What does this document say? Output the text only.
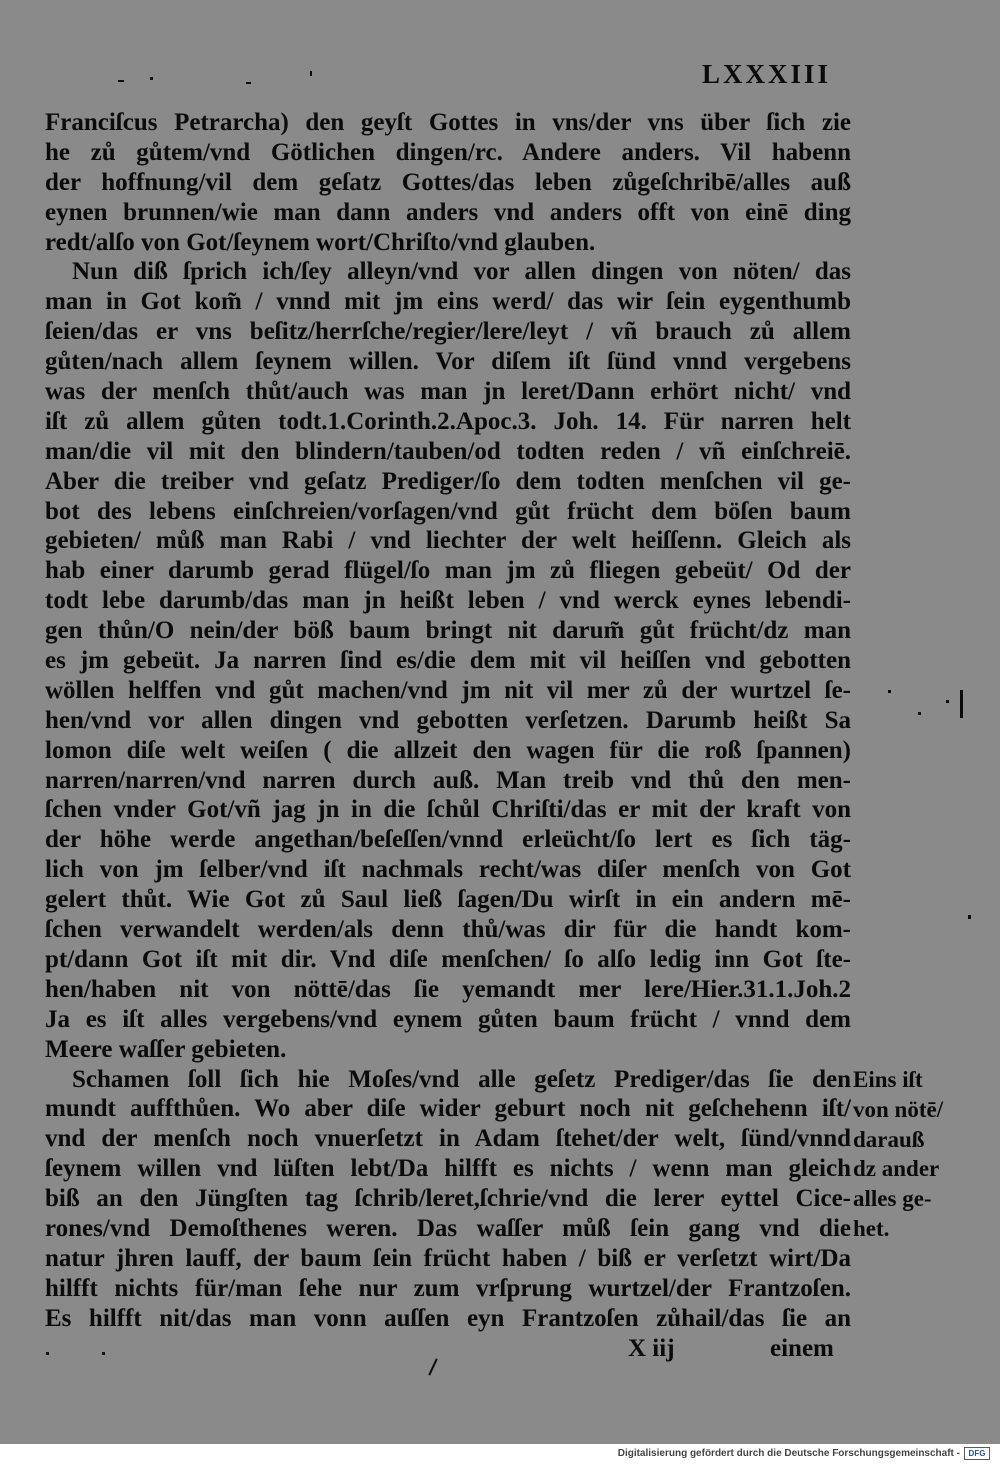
LXXXIII
Franciſcus Petrarcha) den geyſt Gottes in vns/der vns über ſich zie
he zů gůtem/vnd Götlichen dingen/rc. Andere anders. Vil habenn
der hoffnung/vil dem geſatz Gottes/das leben zůgeſchribē/alles auß
eynen brunnen/wie man dann anders vnd anders offt von einē ding
redt/alſo von Got/ſeynem wort/Chriſto/vnd glauben.
Nun diß ſprich ich/ſey alleyn/vnd vor allen dingen von nöten/ das
man in Got kom̃ / vnnd mit jm eins werd/ das wir ſein eygenthumb
ſeien/das er vns beſitz/herrſche/regier/lere/leyt / vñ brauch zů allem
gůten/nach allem ſeynem willen. Vor diſem iſt ſünd vnnd vergebens
was der menſch thůt/auch was man jn leret/Dann erhört nicht/ vnd
iſt zů allem gůten todt.1.Corinth.2.Apoc.3. Joh. 14. Für narren helt
man/die vil mit den blindern/tauben/od todten reden / vñ einſchreiē.
Aber die treiber vnd geſatz Prediger/ſo dem todten menſchen vil ge-
bot des lebens einſchreien/vorſagen/vnd gůt frücht dem böſen baum
gebieten/ můß man Rabi / vnd liechter der welt heiſſenn. Gleich als
hab einer darumb gerad flügel/ſo man jm zů fliegen gebeüt/ Od der
todt lebe darumb/das man jn heißt leben / vnd werck eynes lebendi-
gen thůn/O nein/der böß baum bringt nit darum̃ gůt frücht/dz man
es jm gebeüt. Ja narren ſind es/die dem mit vil heiſſen vnd gebotten
wöllen helffen vnd gůt machen/vnd jm nit vil mer zů der wurtzel ſe-
hen/vnd vor allen dingen vnd gebotten verſetzen. Darumb heißt Sa
lomon diſe welt weiſen ( die allzeit den wagen für die roß ſpannen)
narren/narren/vnd narren durch auß. Man treib vnd thů den men-
ſchen vnder Got/vñ jag jn in die ſchůl Chriſti/das er mit der kraft von
der höhe werde angethan/beſeſſen/vnnd erleücht/ſo lert es ſich täg-
lich von jm ſelber/vnd iſt nachmals recht/was diſer menſch von Got
gelert thůt. Wie Got zů Saul ließ ſagen/Du wirſt in ein andern mē-
ſchen verwandelt werden/als denn thů/was dir für die handt kom-
pt/dann Got iſt mit dir. Vnd diſe menſchen/ ſo alſo ledig inn Got ſte-
hen/haben nit von nöttē/das ſie yemandt mer lere/Hier.31.1.Joh.2
Ja es iſt alles vergebens/vnd eynem gůten baum frücht / vnnd dem
Meere waſſer gebieten.
Schamen ſoll ſich hie Moſes/vnd alle geſetz Prediger/das ſie den
mundt auffthůen. Wo aber diſe wider geburt noch nit geſchehenn iſt/
vnd der menſch noch vnuerſetzt in Adam ſtehet/der welt, ſünd/vnnd
ſeynem willen vnd lüſten lebt/Da hilfft es nichts / wenn man gleich
biß an den Jüngſten tag ſchrib/leret,ſchrie/vnd die lerer eyttel Cice-
rones/vnd Demoſthenes weren. Das waſſer můß ſein gang vnd die
natur jhren lauff, der baum ſein frücht haben / biß er verſetzt wirt/Da
hilfft nichts für/man ſehe nur zum vrſprung wurtzel/der Frantzoſen.
Es hilfft nit/das man vonn auſſen eyn Frantzoſen zůhail/das ſie an
Eins iſt
von nötē/
darauß
dz ander
alles ge-
het.
X iij	einem
Digitalisierung gefördert durch die Deutsche Forschungsgemeinschaft -	DFG
